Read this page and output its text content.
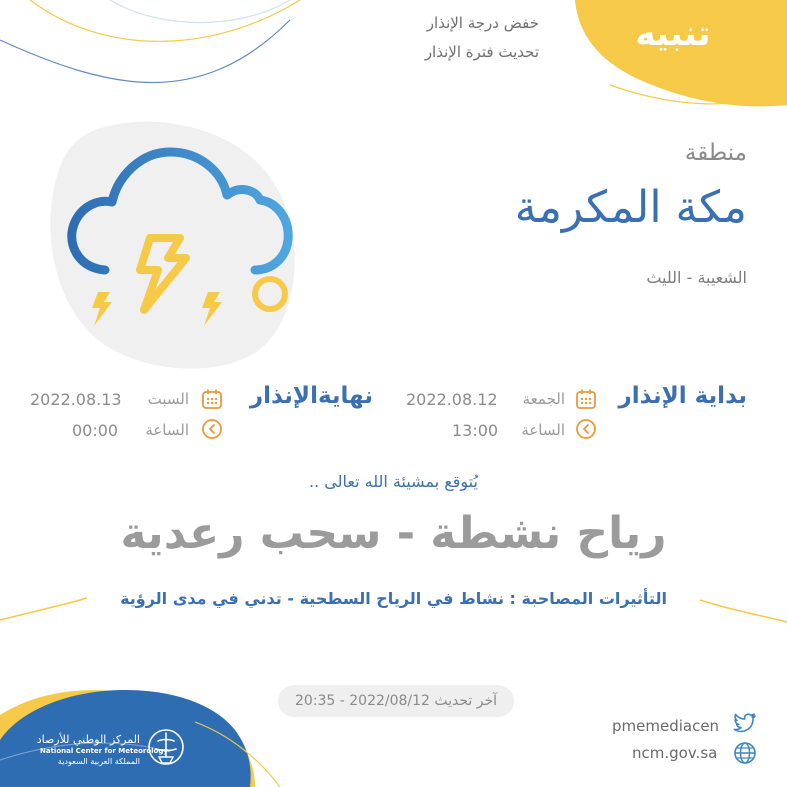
تنبيه
خفض درجة الإنذار
تحديث فترة الإنذار
منطقة
مكة المكرمة
الشعيبة - الليث
بداية الإنذار
الجمعة
2022.08.12
الساعة
13:00
نهايةالإنذار
السبت
2022.08.13
الساعة
00:00
يُتوقع بمشيئة الله تعالى ..
رياح نشطة - سحب رعدية
التأثيرات المصاحبة : نشاط في الرياح السطحية - تدني في مدى الرؤية
آخر تحديث 2022/08/12 - 20:35
pmemediacen
ncm.gov.sa
المركز الوطني للأرصاد
National Center for Meteorology
المملكة العربية السعودية
